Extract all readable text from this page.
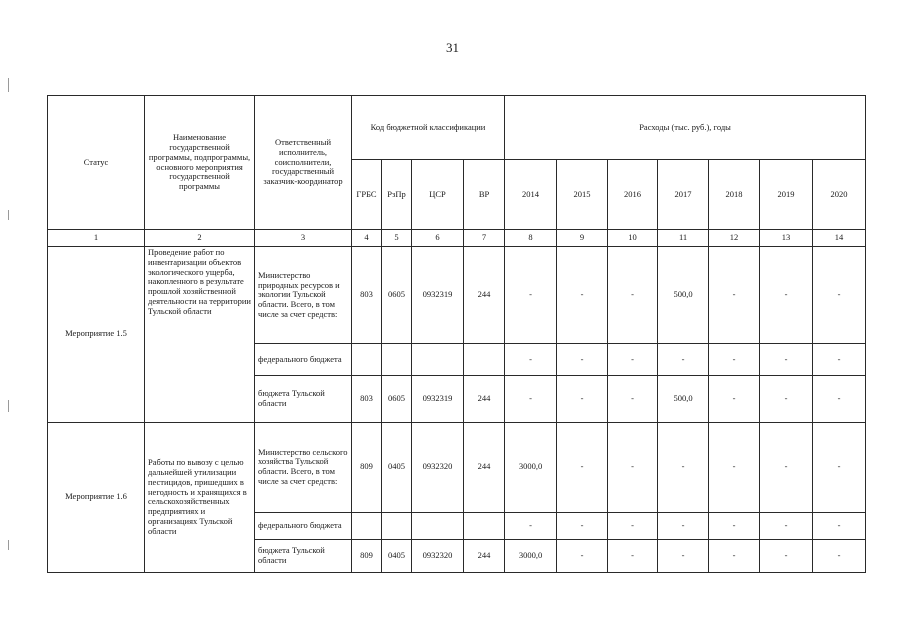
31
Статус	Наименование государственной программы, подпрограммы, основного мероприятия государственной программы	Ответственный исполнитель, соисполнители, государственный заказчик-координатор	Код бюджетной классификации				Расходы (тыс. руб.), годы						
			ГРБС	РзПр	ЦСР	ВР	2014	2015	2016	2017	2018	2019	2020
1	2	3	4	5	6	7	8	9	10	11	12	13	14
Мероприятие 1.5	Проведение работ по инвентаризации объектов экологического ущерба, накопленного в результате прошлой хозяйственной деятельности на территории Тульской области	Министерство природных ресурсов и экологии Тульской области. Всего, в том числе за счет средств:	803	0605	0932319	244	-	-	-	500,0	-	-	-
		федерального бюджета					-	-	-	-	-	-	-
		бюджета Тульской области	803	0605	0932319	244	-	-	-	500,0	-	-	-
Мероприятие 1.6	Работы по вывозу с целью дальнейшей утилизации пестицидов, пришедших в негодность и хранящихся в сельскохозяйственных предприятиях и организациях Тульской области	Министерство сельского хозяйства Тульской области. Всего, в том числе за счет средств:	809	0405	0932320	244	3000,0	-	-	-	-	-	-
		федерального бюджета					-	-	-	-	-	-	-
		бюджета Тульской области	809	0405	0932320	244	3000,0	-	-	-	-	-	-
